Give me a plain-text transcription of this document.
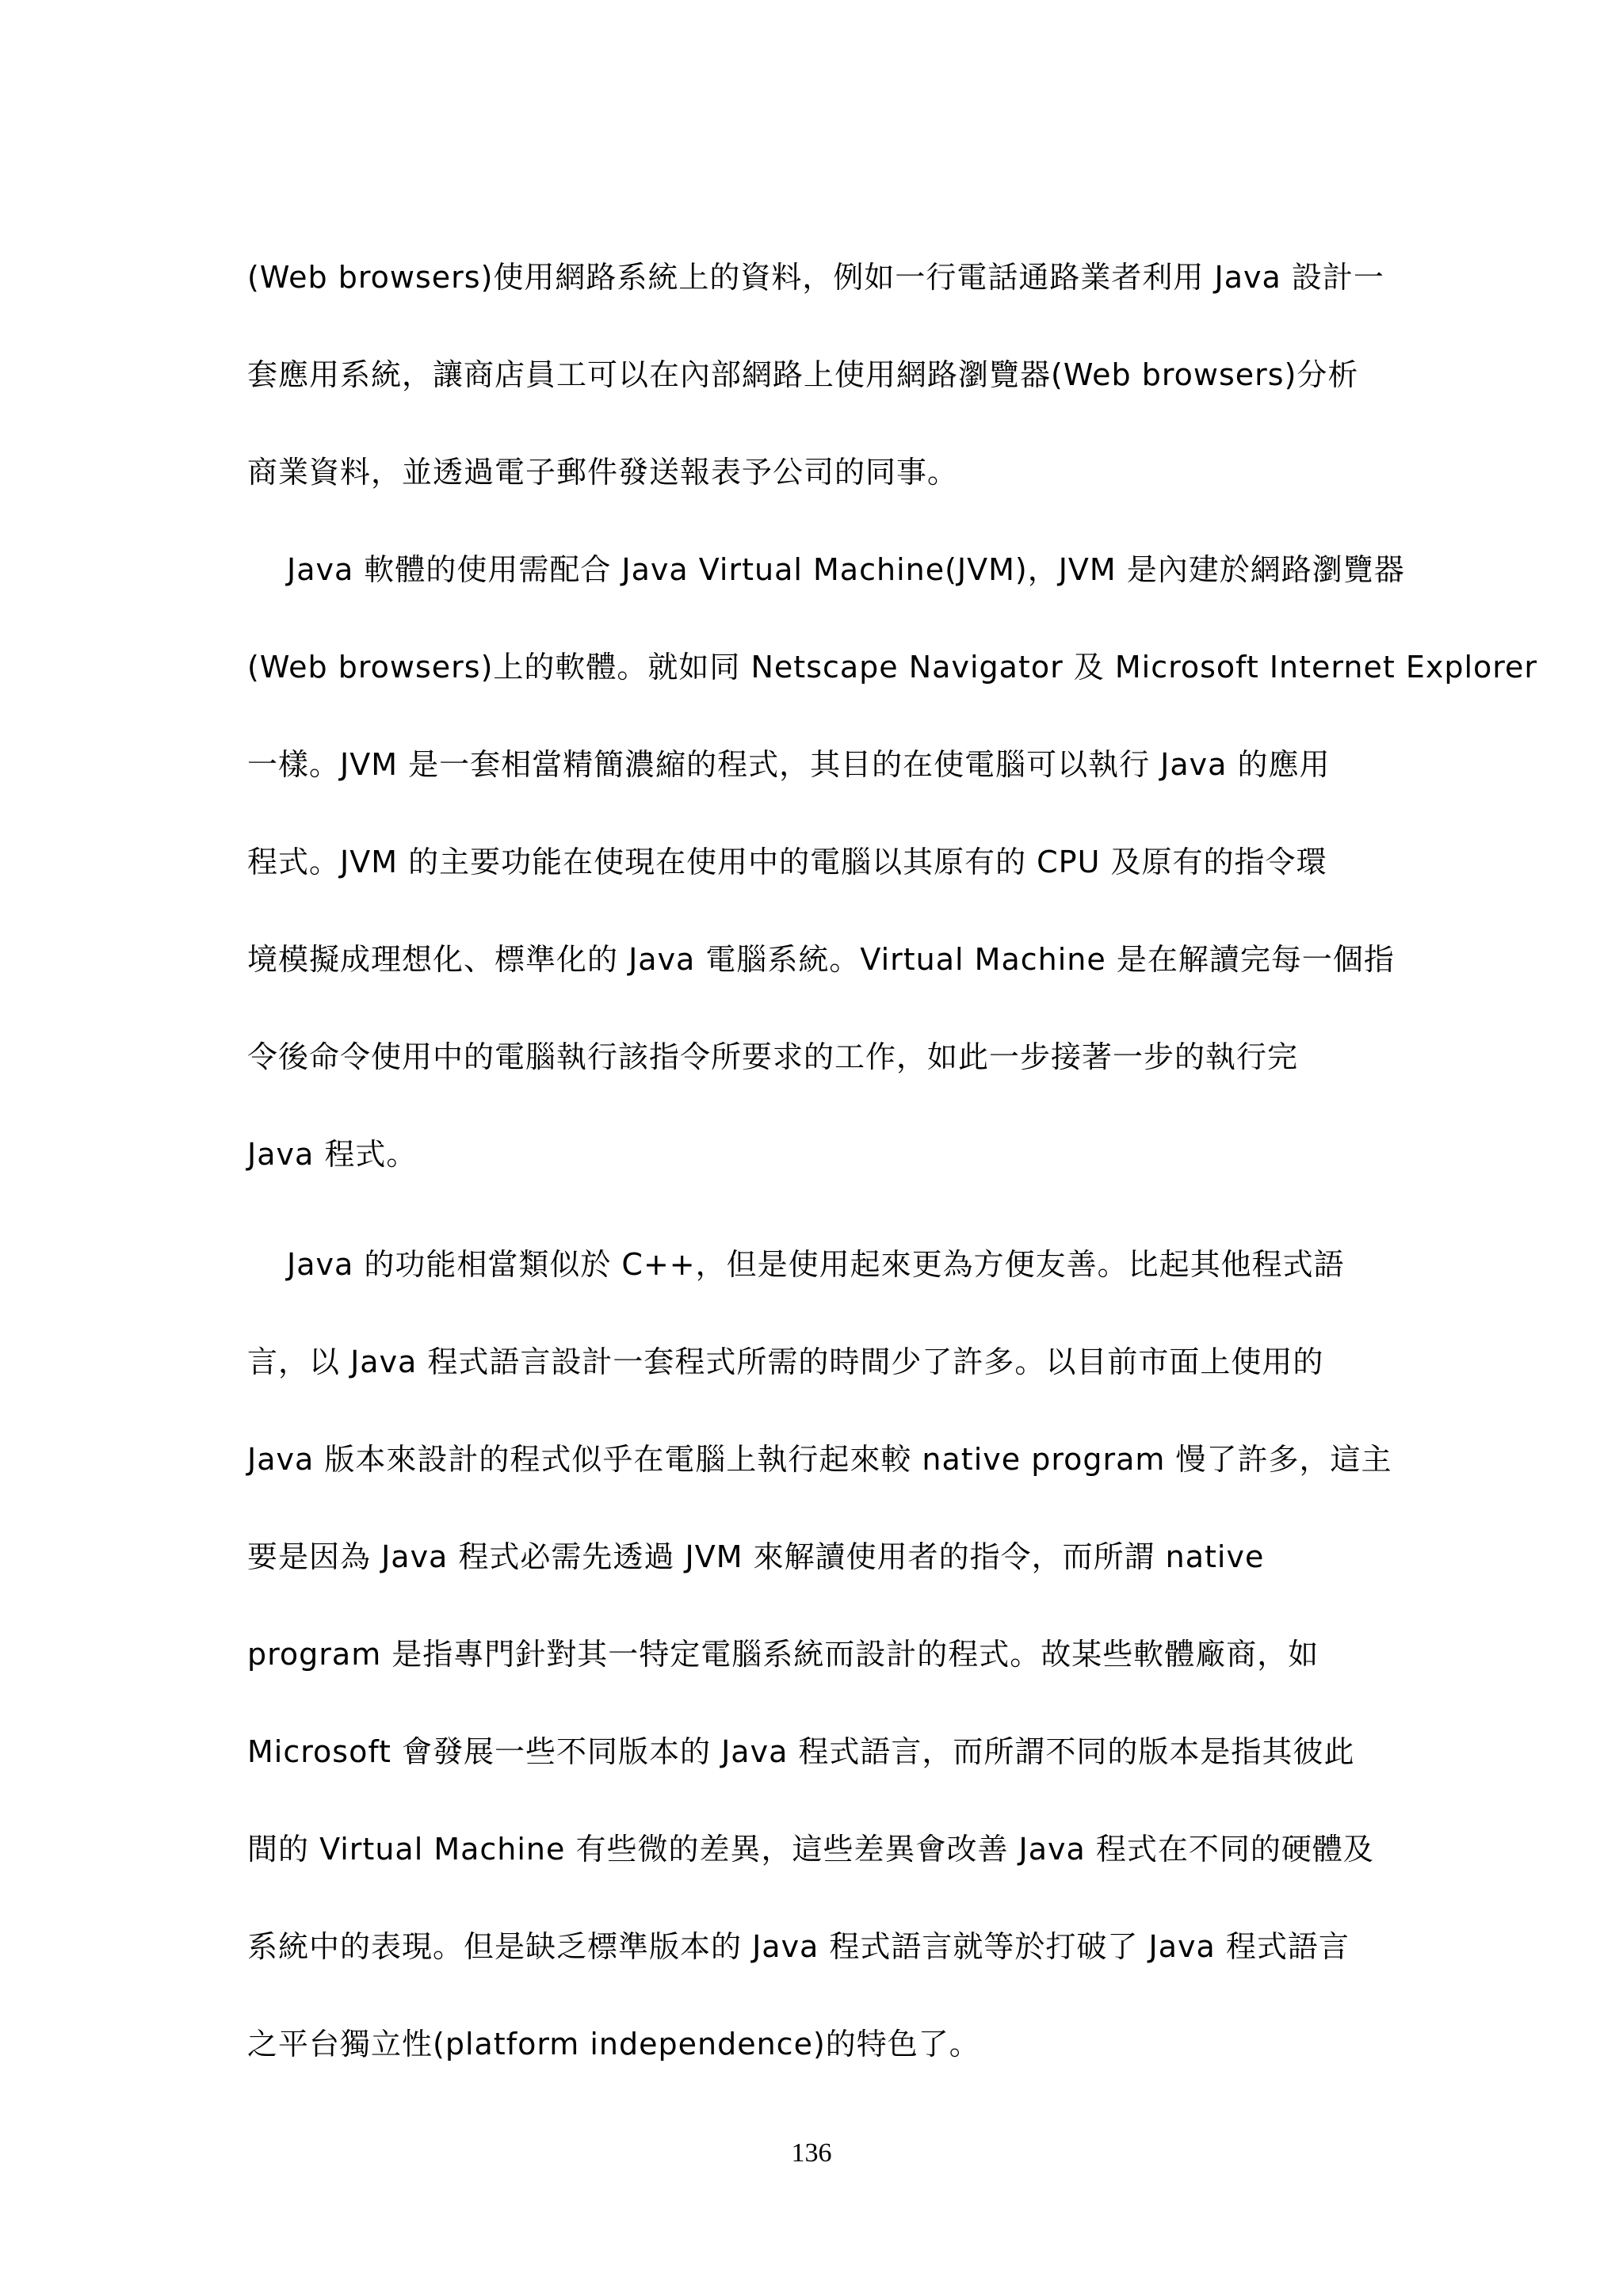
(Web browsers)使用網路系統上的資料，例如一行電話通路業者利用 Java 設計一
套應用系統，讓商店員工可以在內部網路上使用網路瀏覽器(Web browsers)分析
商業資料，並透過電子郵件發送報表予公司的同事。
Java 軟體的使用需配合 Java Virtual Machine(JVM)，JVM 是內建於網路瀏覽器
(Web browsers)上的軟體。就如同 Netscape Navigator 及 Microsoft Internet Explorer
一樣。JVM 是一套相當精簡濃縮的程式，其目的在使電腦可以執行 Java 的應用
程式。JVM 的主要功能在使現在使用中的電腦以其原有的 CPU 及原有的指令環
境模擬成理想化、標準化的 Java 電腦系統。Virtual Machine 是在解讀完每一個指
令後命令使用中的電腦執行該指令所要求的工作，如此一步接著一步的執行完
Java 程式。
Java 的功能相當類似於 C++，但是使用起來更為方便友善。比起其他程式語
言，以 Java 程式語言設計一套程式所需的時間少了許多。以目前市面上使用的
Java 版本來設計的程式似乎在電腦上執行起來較 native program 慢了許多，這主
要是因為 Java 程式必需先透過 JVM 來解讀使用者的指令，而所謂 native
program 是指專門針對其一特定電腦系統而設計的程式。故某些軟體廠商，如
Microsoft 會發展一些不同版本的 Java 程式語言，而所謂不同的版本是指其彼此
間的 Virtual Machine 有些微的差異，這些差異會改善 Java 程式在不同的硬體及
系統中的表現。但是缺乏標準版本的 Java 程式語言就等於打破了 Java 程式語言
之平台獨立性(platform independence)的特色了。
136
